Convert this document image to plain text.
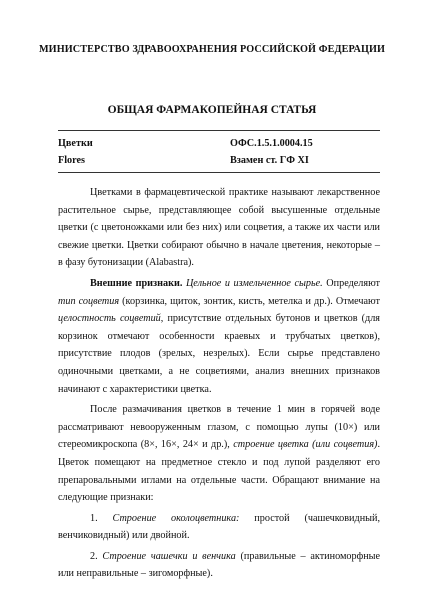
МИНИСТЕРСТВО ЗДРАВООХРАНЕНИЯ РОССИЙСКОЙ ФЕДЕРАЦИИ
ОБЩАЯ ФАРМАКОПЕЙНАЯ СТАТЬЯ
Цветки	ОФС.1.5.1.0004.15
Flores	Взамен ст. ГФ XI

Цветками в фармацевтической практике называют лекарственное растительное сырье, представляющее собой высушенные отдельные цветки (с цветоножками или без них) или соцветия, а также их части или свежие цветки. Цветки собирают обычно в начале цветения, некоторые – в фазу бутонизации (Alabastra).

Внешние признаки. Цельное и измельченное сырье. Определяют тип соцветия (корзинка, щиток, зонтик, кисть, метелка и др.). Отмечают целостность соцветий, присутствие отдельных бутонов и цветков (для корзинок отмечают особенности краевых и трубчатых цветков), присутствие плодов (зрелых, незрелых). Если сырье представлено одиночными цветками, а не соцветиями, анализ внешних признаков начинают с характеристики цветка.

После размачивания цветков в течение 1 мин в горячей воде рассматривают невооруженным глазом, с помощью лупы (10×) или стереомикроскопа (8×, 16×, 24× и др.), строение цветка (или соцветия). Цветок помещают на предметное стекло и под лупой разделяют его препаровальными иглами на отдельные части. Обращают внимание на следующие признаки:

1. Строение околоцветника: простой (чашечковидный, венчиковидный) или двойной.

2. Строение чашечки и венчика (правильные – актиноморфные или неправильные – зигоморфные).
